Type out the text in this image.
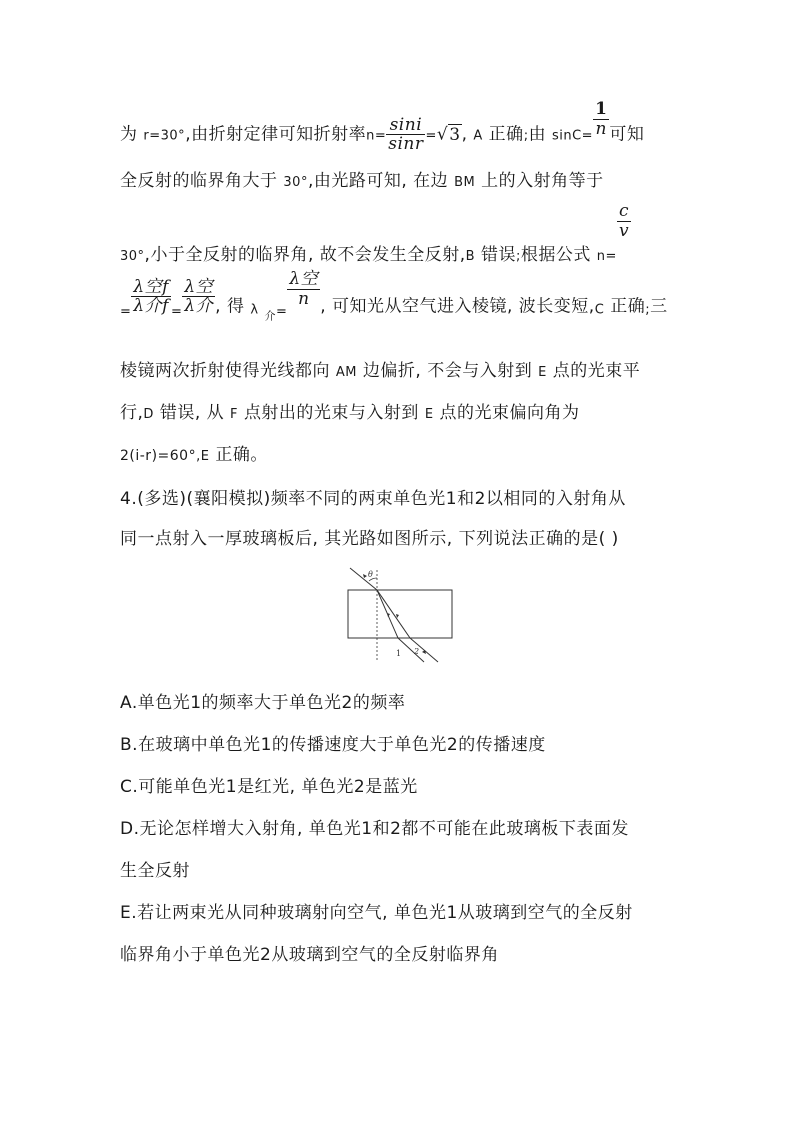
为 r=30°,由折射定律可知折射率$n= \frac{\sin i}{\sin r} =√3$, A 正确;由 $\sin C= \frac{1}{n}$ 可知
全反射的临界角大于 30°,由光路可知, 在边 BM 上的入射角等于
$_{30^\circ}$,小于全反射的临界角, 故不会发生全反射$,_B$ 错误$_;$根据公式 $_{n=}$
$\frac{c}{v}$
$_= \frac{\text{λ空f}}{\text{λ介f}} _= \frac{\text{λ空}}{\text{λ介}}$ , 得 $_\lambda$ $_{介=}$
$\frac{\text{λ空}}{n}$ , 可知光从空气进入棱镜, 波长变短$,_C$ 正确$_;$三
棱镜两次折射使得光线都向 AM 边偏折, 不会与入射到 E 点的光束平
行,D 错误, 从 F 点射出的光束与入射到 E 点的光束偏向角为
2(i-r)=60°,E 正确。
4.(多选)(襄阳模拟)频率不同的两束单色光1和2以相同的入射角从
同一点射入一厚玻璃板后, 其光路如图所示, 下列说法正确的是( )
θ
1 2
A.单色光1的频率大于单色光2的频率
B.在玻璃中单色光1的传播速度大于单色光2的传播速度
C.可能单色光1是红光, 单色光2是蓝光
D.无论怎样增大入射角, 单色光1和2都不可能在此玻璃板下表面发
生全反射
E.若让两束光从同种玻璃射向空气, 单色光1从玻璃到空气的全反射
临界角小于单色光2从玻璃到空气的全反射临界角
